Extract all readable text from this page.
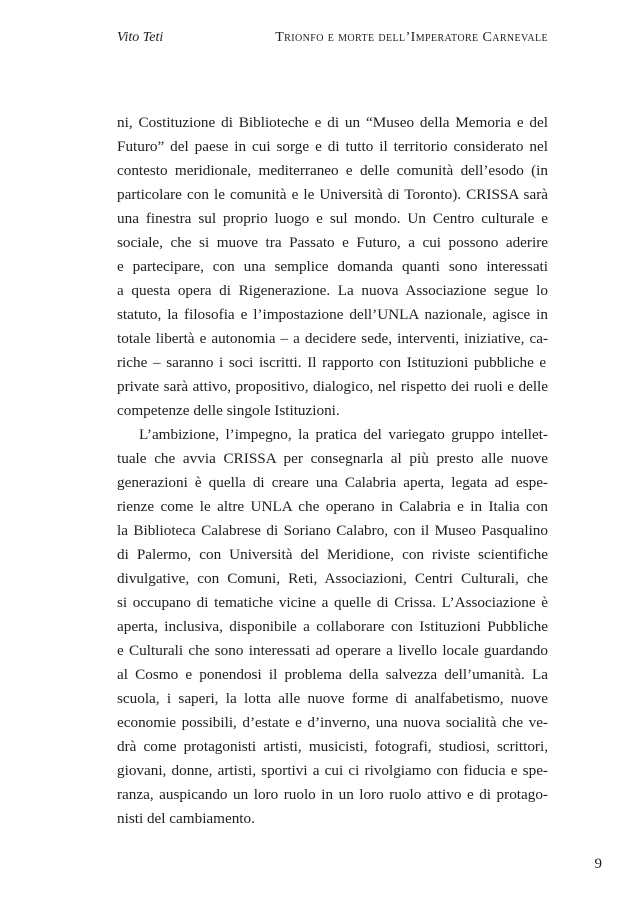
Vito Teti	Trionfo e morte dell’Imperatore Carnevale
ni, Costituzione di Biblioteche e di un “Museo della Memoria e del
Futuro” del paese in cui sorge e di tutto il territorio considerato nel
contesto meridionale, mediterraneo e delle comunità dell’esodo (in
particolare con le comunità e le Università di Toronto). CRISSA sarà
una finestra sul proprio luogo e sul mondo. Un Centro culturale e
sociale, che si muove tra Passato e Futuro, a cui possono aderire
e partecipare, con una semplice domanda quanti sono interessati
a questa opera di Rigenerazione. La nuova Associazione segue lo
statuto, la filosofia e l’impostazione dell’UNLA nazionale, agisce in
totale libertà e autonomia – a decidere sede, interventi, iniziative, ca-
riche – saranno i soci iscritti. Il rapporto con Istituzioni pubbliche e
private sarà attivo, propositivo, dialogico, nel rispetto dei ruoli e delle
competenze delle singole Istituzioni.
L’ambizione, l’impegno, la pratica del variegato gruppo intellet-
tuale che avvia CRISSA per consegnarla al più presto alle nuove
generazioni è quella di creare una Calabria aperta, legata ad espe-
rienze come le altre UNLA che operano in Calabria e in Italia con
la Biblioteca Calabrese di Soriano Calabro, con il Museo Pasqualino
di Palermo, con Università del Meridione, con riviste scientifiche
divulgative, con Comuni, Reti, Associazioni, Centri Culturali, che
si occupano di tematiche vicine a quelle di Crissa. L’Associazione è
aperta, inclusiva, disponibile a collaborare con Istituzioni Pubbliche
e Culturali che sono interessati ad operare a livello locale guardando
al Cosmo e ponendosi il problema della salvezza dell’umanità. La
scuola, i saperi, la lotta alle nuove forme di analfabetismo, nuove
economie possibili, d’estate e d’inverno, una nuova socialità che ve-
drà come protagonisti artisti, musicisti, fotografi, studiosi, scrittori,
giovani, donne, artisti, sportivi a cui ci rivolgiamo con fiducia e spe-
ranza, auspicando un loro ruolo in un loro ruolo attivo e di protago-
nisti del cambiamento.
9
